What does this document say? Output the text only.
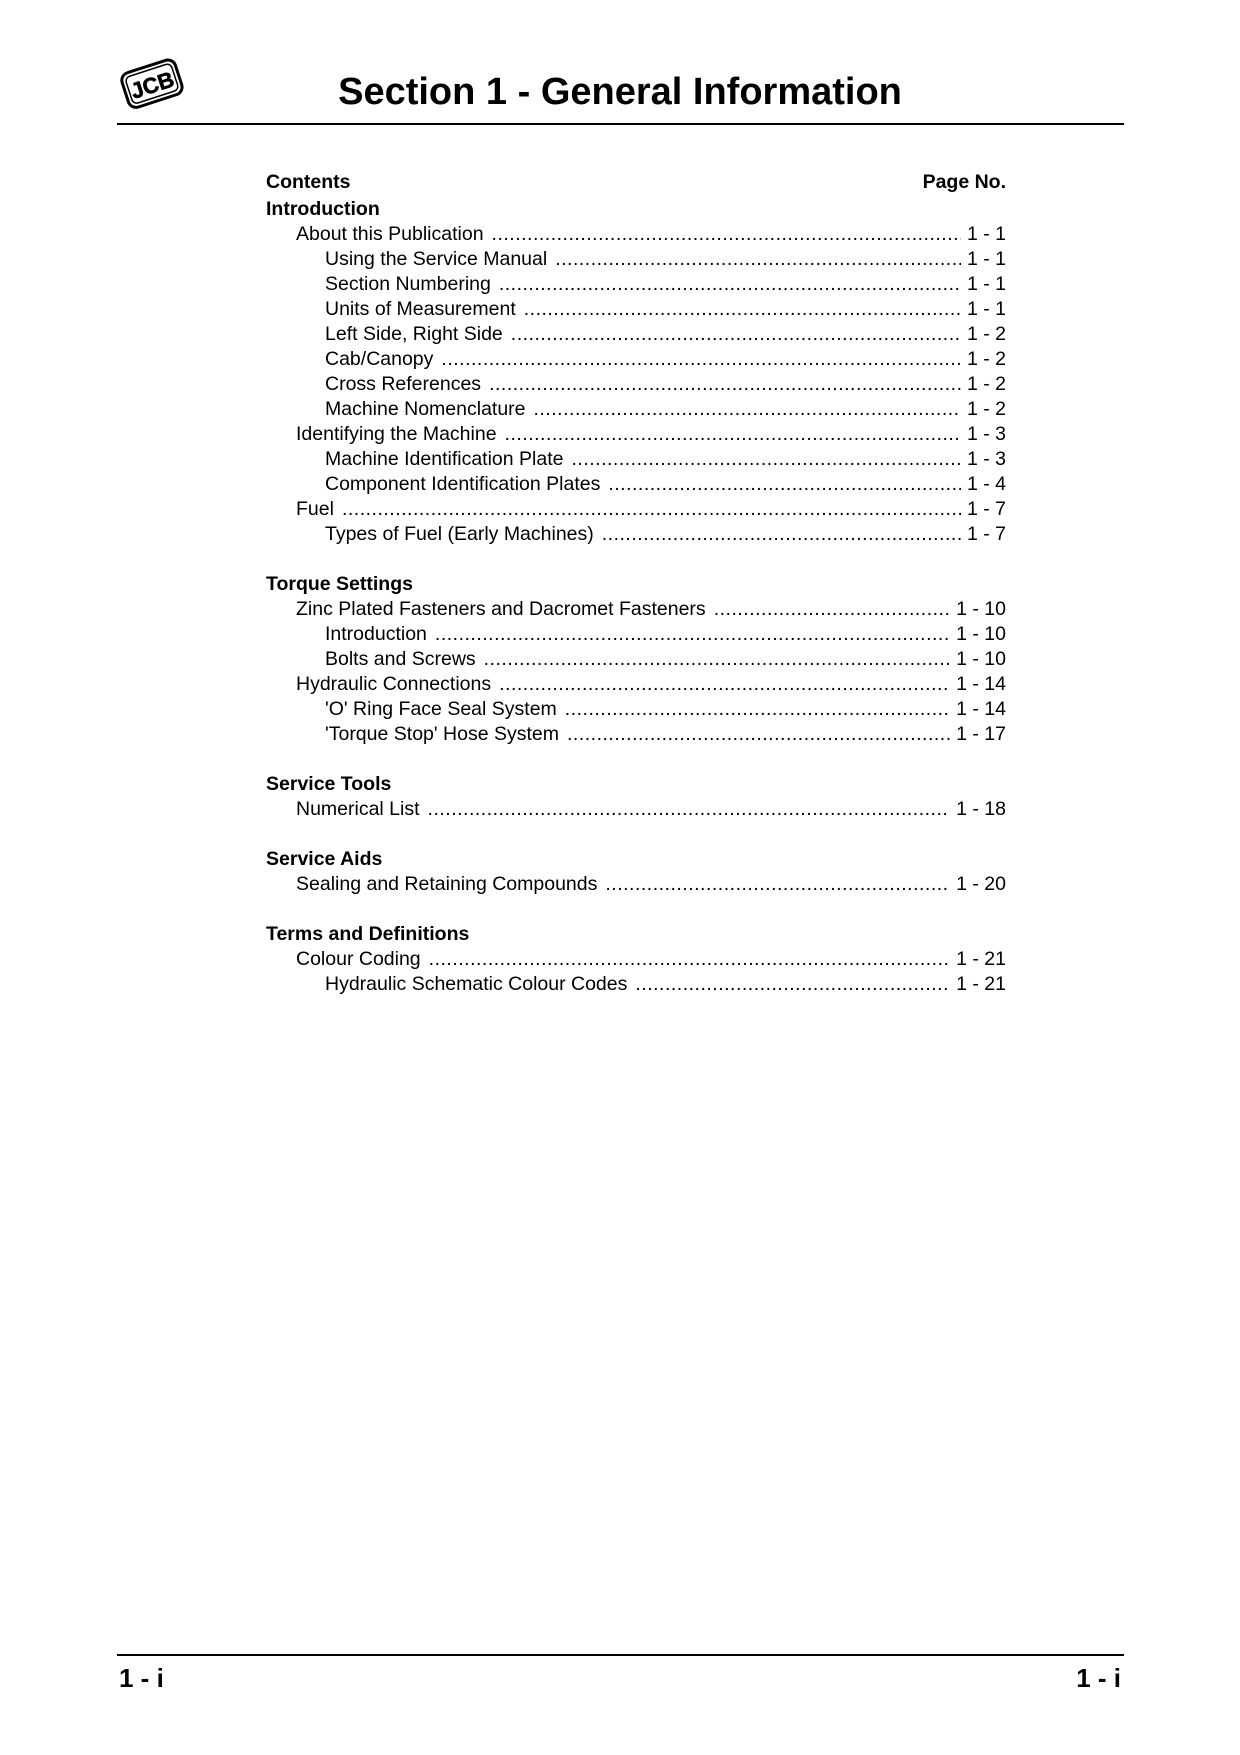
JCB	Section 1 - General Information
Contents	Page No.
Introduction
About this Publication .....	1 - 1
Using the Service Manual .....	1 - 1
Section Numbering .....	1 - 1
Units of Measurement .....	1 - 1
Left Side, Right Side .....	1 - 2
Cab/Canopy .....	1 - 2
Cross References .....	1 - 2
Machine Nomenclature .....	1 - 2
Identifying the Machine .....	1 - 3
Machine Identification Plate .....	1 - 3
Component Identification Plates .....	1 - 4
Fuel .....	1 - 7
Types of Fuel (Early Machines) .....	1 - 7
Torque Settings
Zinc Plated Fasteners and Dacromet Fasteners .....	1 - 10
Introduction .....	1 - 10
Bolts and Screws .....	1 - 10
Hydraulic Connections .....	1 - 14
'O' Ring Face Seal System .....	1 - 14
'Torque Stop' Hose System .....	1 - 17
Service Tools
Numerical List .....	1 - 18
Service Aids
Sealing and Retaining Compounds .....	1 - 20
Terms and Definitions
Colour Coding .....	1 - 21
Hydraulic Schematic Colour Codes .....	1 - 21
1 - i	1 - i
